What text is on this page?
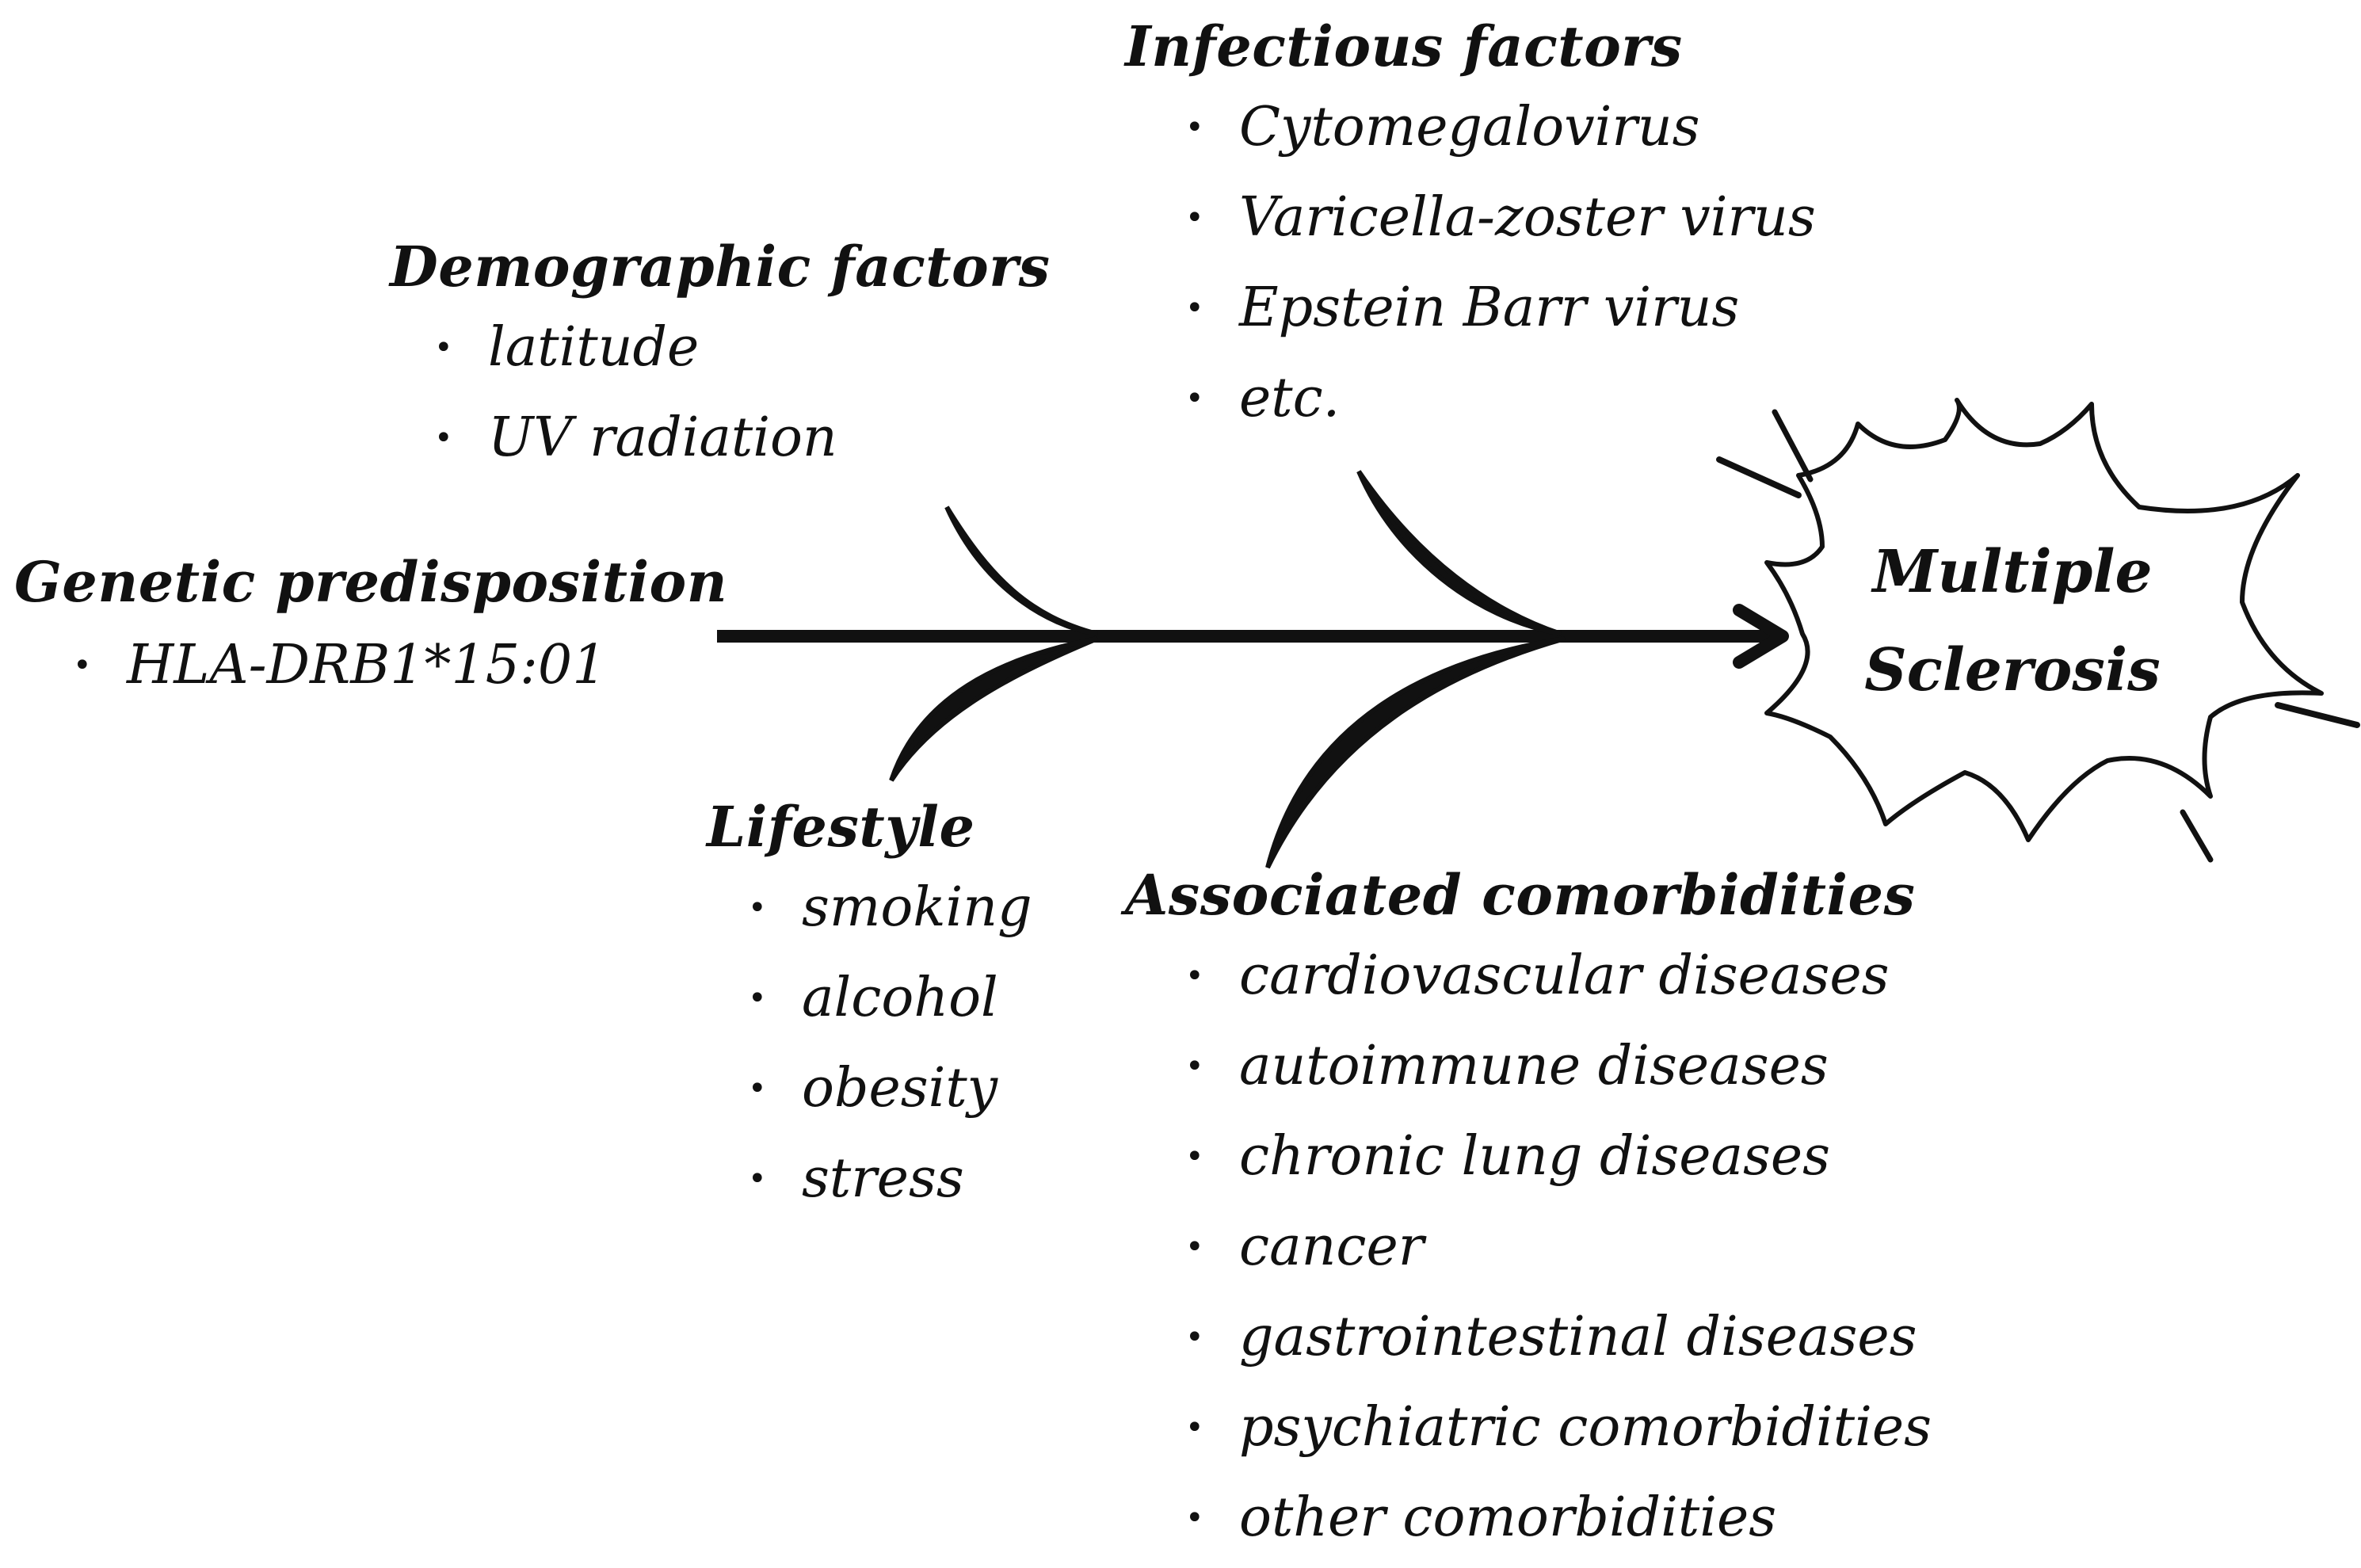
Demographic factors
• latitude
• UV radiation
Infectious factors
• Cytomegalovirus
• Varicella-zoster virus
• Epstein Barr virus
• etc.
Genetic predisposition
• HLA-DRB1*15:01
Lifestyle
• smoking
• alcohol
• obesity
• stress
Associated comorbidities
• cardiovascular diseases
• autoimmune diseases
• chronic lung diseases
• cancer
• gastrointestinal diseases
• psychiatric comorbidities
• other comorbidities
Multiple
Sclerosis
